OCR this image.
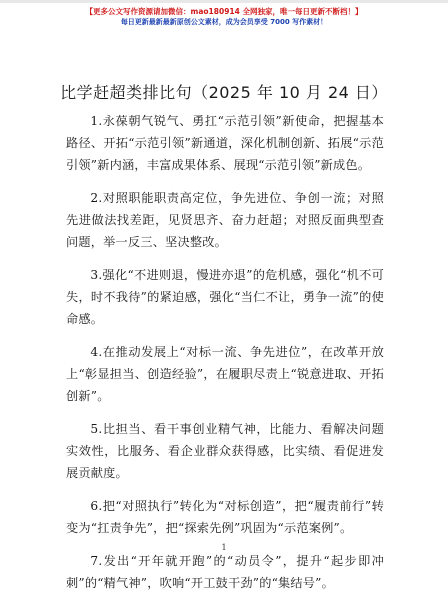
【更多公文写作资源请加微信：mao180914 全网独家，唯一每日更新不断档！】
每日更新最新最新原创公文素材，成为会员享受 7000 写作素材！
比学赶超类排比句（2025 年 10 月 24 日）

1.永葆朝气锐气、勇扛“示范引领”新使命，把握基本路径、开拓“示范引领”新通道，深化机制创新、拓展“示范引领”新内涵，丰富成果体系、展现“示范引领”新成色。

2.对照职能职责高定位，争先进位、争创一流；对照先进做法找差距，见贤思齐、奋力赶超；对照反面典型查问题，举一反三、坚决整改。

3.强化“不进则退，慢进亦退”的危机感，强化“机不可失，时不我待”的紧迫感，强化“当仁不让，勇争一流”的使命感。

4.在推动发展上“对标一流、争先进位”，在改革开放上“彰显担当、创造经验”，在履职尽责上“锐意进取、开拓创新”。

5.比担当、看干事创业精气神，比能力、看解决问题实效性，比服务、看企业群众获得感，比实绩、看促进发展贡献度。

6.把“对照执行”转化为“对标创造”，把“履责前行”转变为“扛责争先”，把“探索先例”巩固为“示范案例”。

7.发出“开年就开跑”的“动员令”，提升“起步即冲刺”的“精气神”，吹响“开工鼓干劲”的“集结号”。

1
